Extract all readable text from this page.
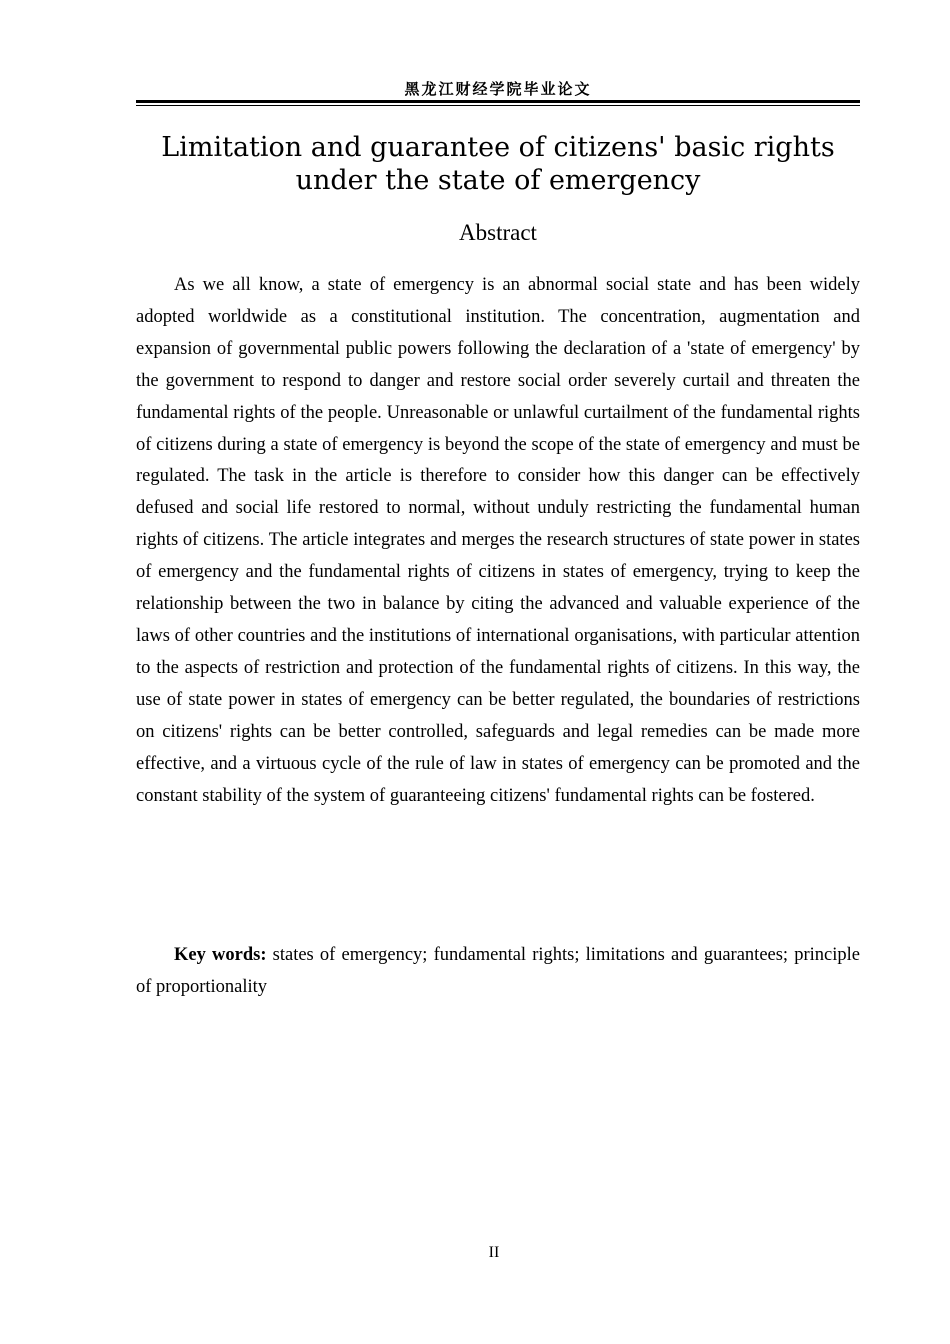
黑龙江财经学院毕业论文
Limitation and guarantee of citizens' basic rights under the state of emergency
Abstract

As we all know, a state of emergency is an abnormal social state and has been widely adopted worldwide as a constitutional institution. The concentration, augmentation and expansion of governmental public powers following the declaration of a 'state of emergency' by the government to respond to danger and restore social order severely curtail and threaten the fundamental rights of the people. Unreasonable or unlawful curtailment of the fundamental rights of citizens during a state of emergency is beyond the scope of the state of emergency and must be regulated. The task in the article is therefore to consider how this danger can be effectively defused and social life restored to normal, without unduly restricting the fundamental human rights of citizens. The article integrates and merges the research structures of state power in states of emergency and the fundamental rights of citizens in states of emergency, trying to keep the relationship between the two in balance by citing the advanced and valuable experience of the laws of other countries and the institutions of international organisations, with particular attention to the aspects of restriction and protection of the fundamental rights of citizens. In this way, the use of state power in states of emergency can be better regulated, the boundaries of restrictions on citizens' rights can be better controlled, safeguards and legal remedies can be made more effective, and a virtuous cycle of the rule of law in states of emergency can be promoted and the constant stability of the system of guaranteeing citizens' fundamental rights can be fostered.

Key words: states of emergency; fundamental rights; limitations and guarantees; principle of proportionality

II
